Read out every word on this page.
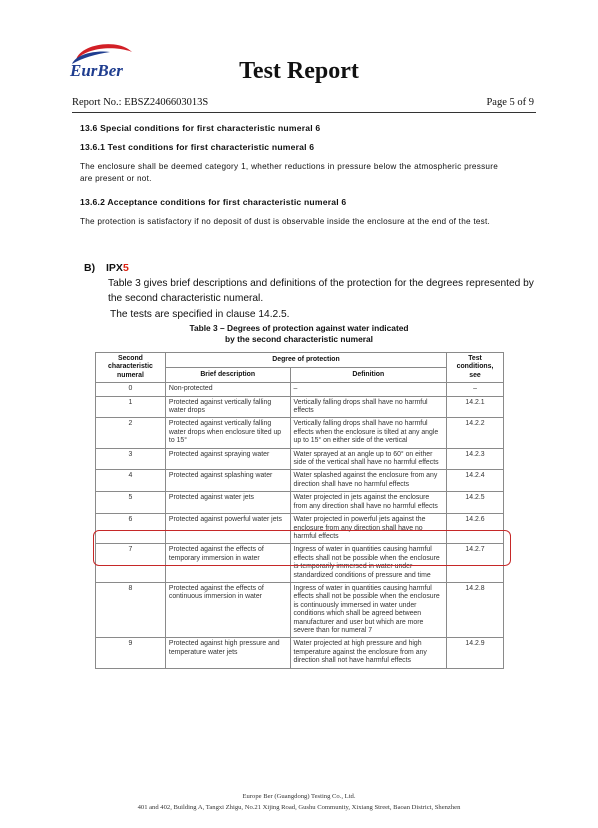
EurBer	Test Report
Report No.: EBSZ2406603013S	Page 5 of 9
13.6 Special conditions for first characteristic numeral 6
13.6.1 Test conditions for first characteristic numeral 6
The enclosure shall be deemed category 1, whether reductions in pressure below the atmospheric pressure are present or not.
13.6.2 Acceptance conditions for first characteristic numeral 6
The protection is satisfactory if no deposit of dust is observable inside the enclosure at the end of the test.
B) IPX5
Table 3 gives brief descriptions and definitions of the protection for the degrees represented by the second characteristic numeral.
The tests are specified in clause 14.2.5.
Table 3 – Degrees of protection against water indicated
by the second characteristic numeral
Second characteristic numeral	Degree of protection		Test conditions, see
	Brief description	Definition	
0	Non-protected	–	–
1	Protected against vertically falling water drops	Vertically falling drops shall have no harmful effects	14.2.1
2	Protected against vertically falling water drops when enclosure tilted up to 15°	Vertically falling drops shall have no harmful effects when the enclosure is tilted at any angle up to 15° on either side of the vertical	14.2.2
3	Protected against spraying water	Water sprayed at an angle up to 60° on either side of the vertical shall have no harmful effects	14.2.3
4	Protected against splashing water	Water splashed against the enclosure from any direction shall have no harmful effects	14.2.4
5	Protected against water jets	Water projected in jets against the enclosure from any direction shall have no harmful effects	14.2.5
6	Protected against powerful water jets	Water projected in powerful jets against the enclosure from any direction shall have no harmful effects	14.2.6
7	Protected against the effects of temporary immersion in water	Ingress of water in quantities causing harmful effects shall not be possible when the enclosure is temporarily immersed in water under standardized conditions of pressure and time	14.2.7
8	Protected against the effects of continuous immersion in water	Ingress of water in quantities causing harmful effects shall not be possible when the enclosure is continuously immersed in water under conditions which shall be agreed between manufacturer and user but which are more severe than for numeral 7	14.2.8
9	Protected against high pressure and temperature water jets	Water projected at high pressure and high temperature against the enclosure from any direction shall not have harmful effects	14.2.9
Europe Ber (Guangdong) Testing Co., Ltd.
401 and 402, Building A, Tangxi Zhigu, No.21 Xijing Road, Gushu Community, Xixiang Street, Baoan District, Shenzhen
